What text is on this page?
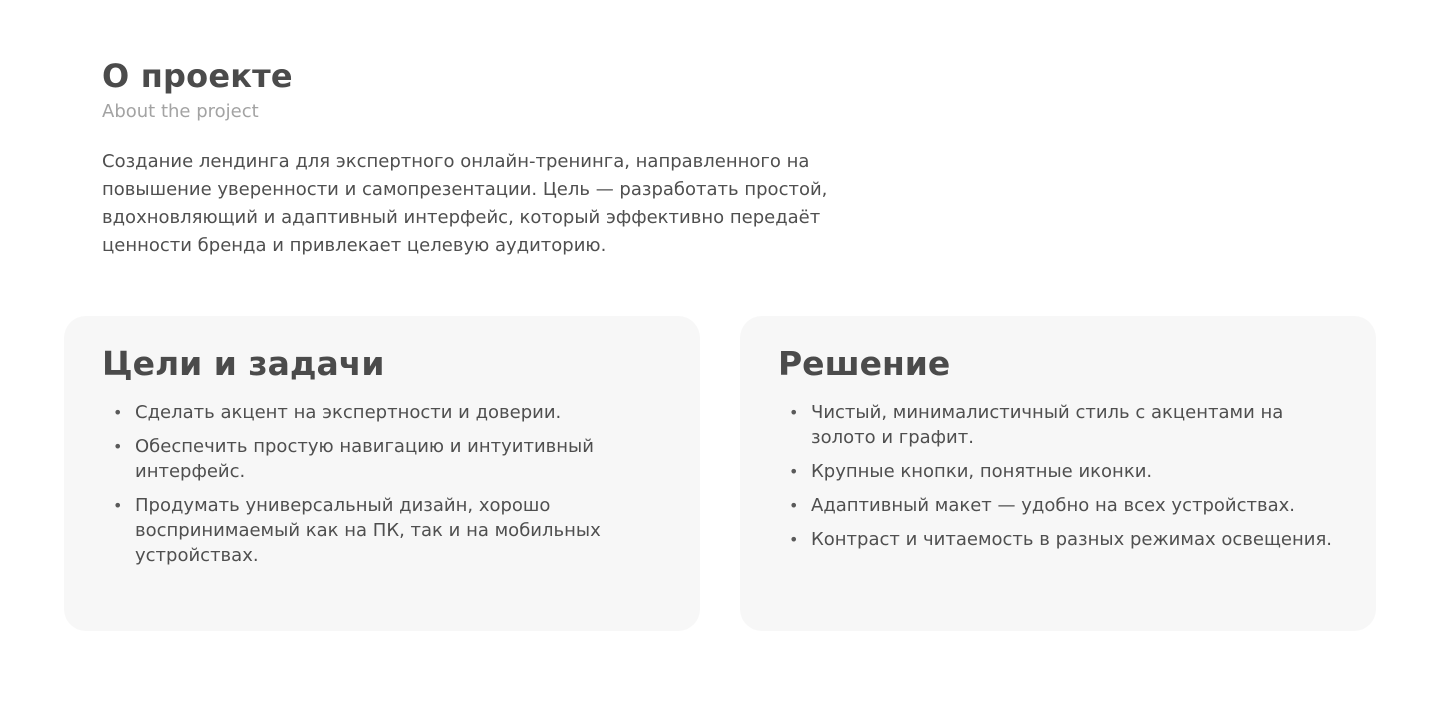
О проекте
About the project

Создание лендинга для экспертного онлайн-тренинга, направленного на повышение уверенности и самопрезентации. Цель — разработать простой, вдохновляющий и адаптивный интерфейс, который эффективно передаёт ценности бренда и привлекает целевую аудиторию.

Цели и задачи
• Сделать акцент на экспертности и доверии.
• Обеспечить простую навигацию и интуитивный интерфейс.
• Продумать универсальный дизайн, хорошо воспринимаемый как на ПК, так и на мобильных устройствах.
Решение
• Чистый, минималистичный стиль с акцентами на золото и графит.
• Крупные кнопки, понятные иконки.
• Адаптивный макет — удобно на всех устройствах.
• Контраст и читаемость в разных режимах освещения.
